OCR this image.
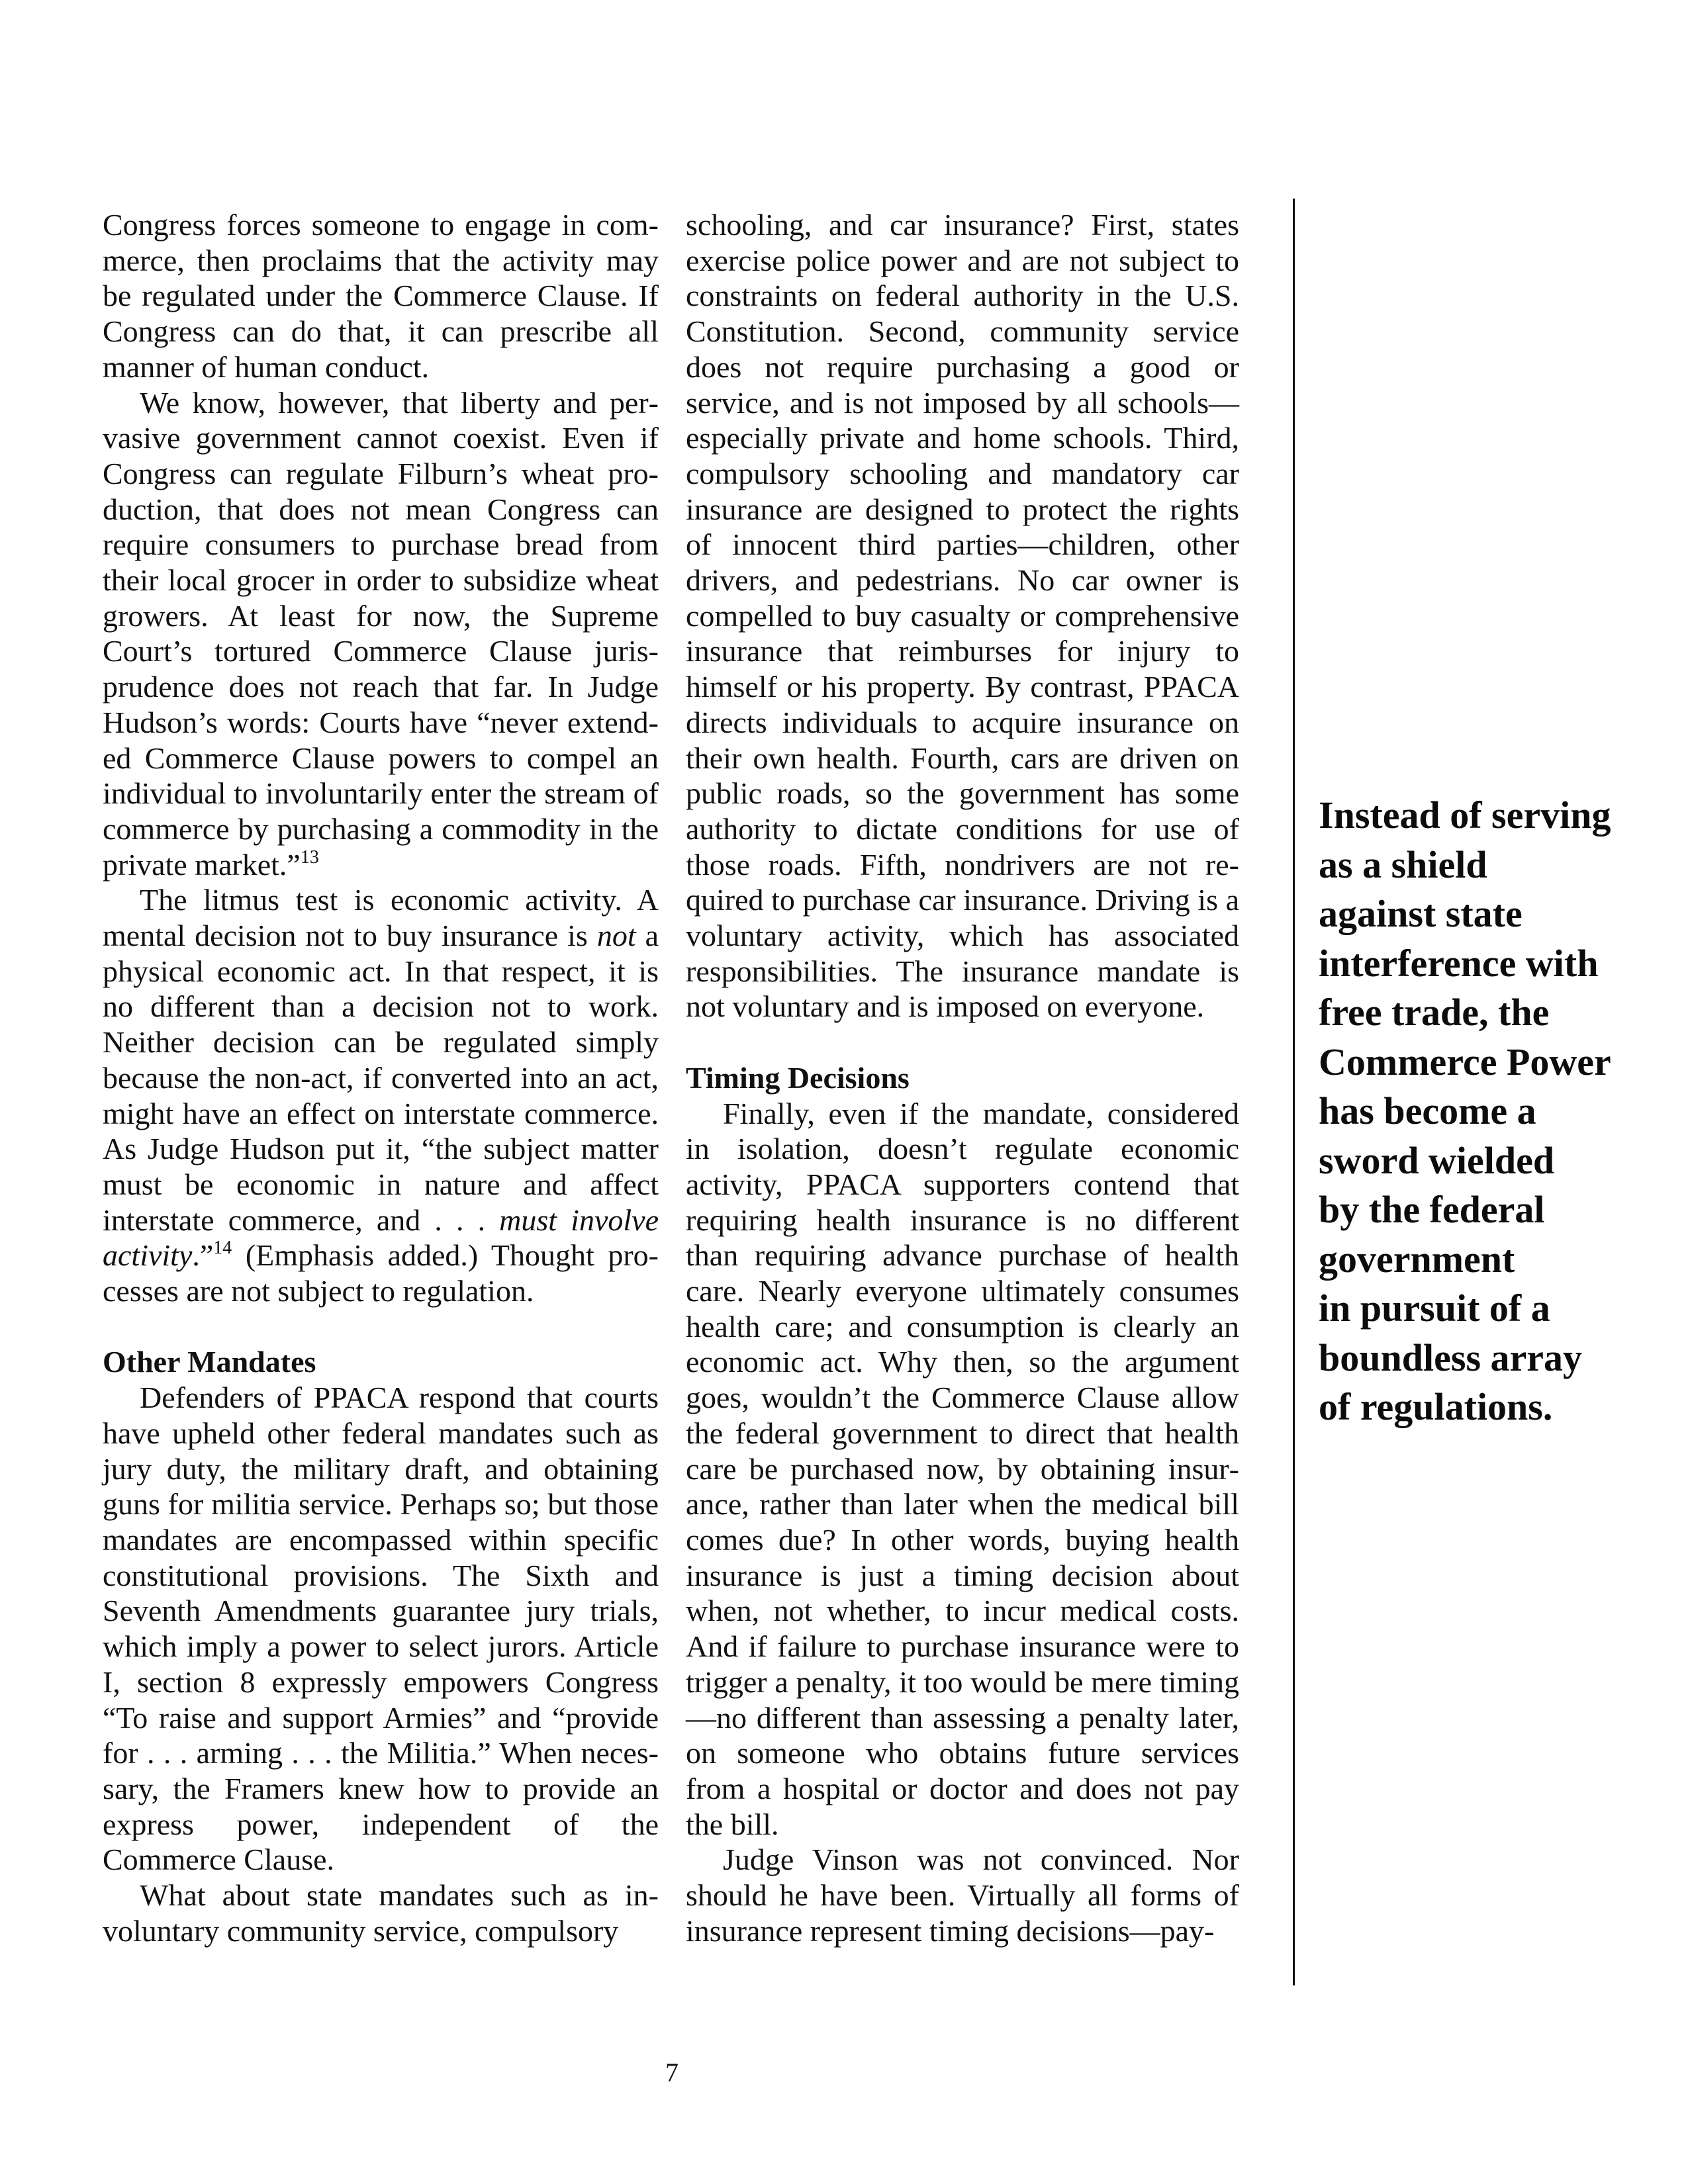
Congress forces someone to engage in commerce, then proclaims that the activity may be regulated under the Commerce Clause. If Congress can do that, it can prescribe all manner of human conduct.

We know, however, that liberty and pervasive government cannot coexist. Even if Congress can regulate Filburn’s wheat production, that does not mean Congress can require consumers to purchase bread from their local grocer in order to subsidize wheat growers. At least for now, the Supreme Court’s tortured Commerce Clause jurisprudence does not reach that far. In Judge Hudson’s words: Courts have “never extended Commerce Clause powers to compel an individual to involuntarily enter the stream of commerce by purchasing a commodity in the private market.”$^{13}$

The litmus test is economic activity. A mental decision not to buy insurance is not a physical economic act. In that respect, it is no different than a decision not to work. Neither decision can be regulated simply because the non-act, if converted into an act, might have an effect on interstate commerce. As Judge Hudson put it, “the subject matter must be economic in nature and affect interstate commerce, and . . . must involve activity.”$^{14}$ (Emphasis added.) Thought processes are not subject to regulation.

Other Mandates

Defenders of PPACA respond that courts have upheld other federal mandates such as jury duty, the military draft, and obtaining guns for militia service. Perhaps so; but those mandates are encompassed within specific constitutional provisions. The Sixth and Seventh Amendments guarantee jury trials, which imply a power to select jurors. Article I, section 8 expressly empowers Congress “To raise and support Armies” and “provide for . . . arming . . . the Militia.” When necessary, the Framers knew how to provide an express power, independent of the Commerce Clause.

What about state mandates such as involuntary community service, compulsory

schooling, and car insurance? First, states exercise police power and are not subject to constraints on federal authority in the U.S. Constitution. Second, community service does not require purchasing a good or service, and is not imposed by all schools—especially private and home schools. Third, compulsory schooling and mandatory car insurance are designed to protect the rights of innocent third parties—children, other drivers, and pedestrians. No car owner is compelled to buy casualty or comprehensive insurance that reimburses for injury to himself or his property. By contrast, PPACA directs individuals to acquire insurance on their own health. Fourth, cars are driven on public roads, so the government has some authority to dictate conditions for use of those roads. Fifth, nondrivers are not required to purchase car insurance. Driving is a voluntary activity, which has associated responsibilities. The insurance mandate is not voluntary and is imposed on everyone.

Timing Decisions

Finally, even if the mandate, considered in isolation, doesn’t regulate economic activity, PPACA supporters contend that requiring health insurance is no different than requiring advance purchase of health care. Nearly everyone ultimately consumes health care; and consumption is clearly an economic act. Why then, so the argument goes, wouldn’t the Commerce Clause allow the federal government to direct that health care be purchased now, by obtaining insurance, rather than later when the medical bill comes due? In other words, buying health insurance is just a timing decision about when, not whether, to incur medical costs. And if failure to purchase insurance were to trigger a penalty, it too would be mere timing—no different than assessing a penalty later, on someone who obtains future services from a hospital or doctor and does not pay the bill.

Judge Vinson was not convinced. Nor should he have been. Virtually all forms of insurance represent timing decisions—pay-

Instead of serving
as a shield
against state
interference with
free trade, the
Commerce Power
has become a
sword wielded
by the federal
government
in pursuit of a
boundless array
of regulations.
7
